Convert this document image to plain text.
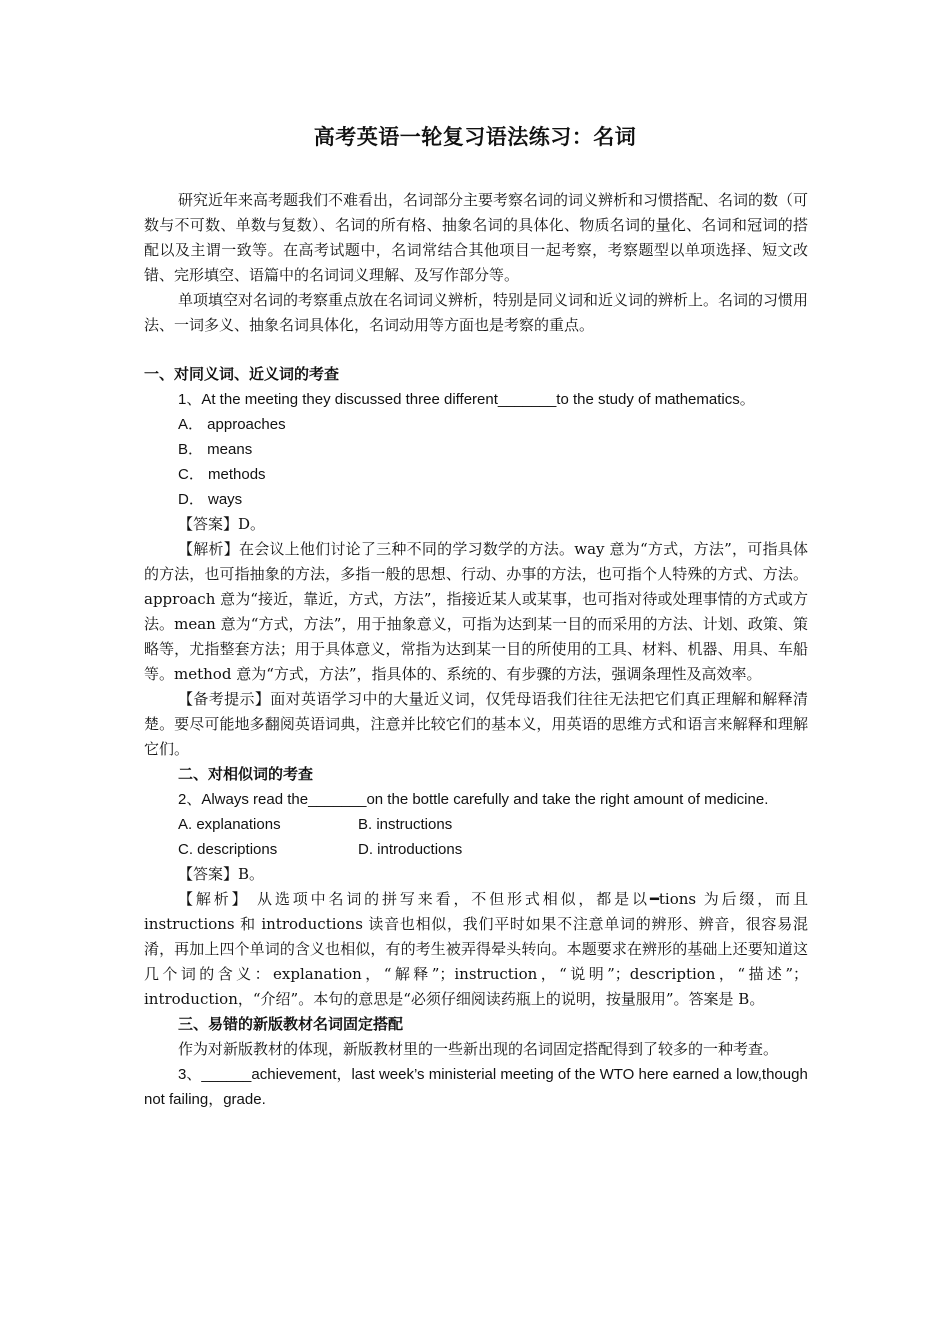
高考英语一轮复习语法练习：名词

研究近年来高考题我们不难看出，名词部分主要考察名词的词义辨析和习惯搭配、名词的数（可数与不可数、单数与复数）、名词的所有格、抽象名词的具体化、物质名词的量化、名词和冠词的搭配以及主谓一致等。在高考试题中，名词常结合其他项目一起考察，考察题型以单项选择、短文改错、完形填空、语篇中的名词词义理解、及写作部分等。

单项填空对名词的考察重点放在名词词义辨析，特别是同义词和近义词的辨析上。名词的习惯用法、一词多义、抽象名词具体化，名词动用等方面也是考察的重点。

一、对同义词、近义词的考查

1、At the meeting they discussed three different_______to the study of mathematics。

A． approaches

B． means

C． methods

D． ways

【答案】D。

【解析】在会议上他们讨论了三种不同的学习数学的方法。way 意为“方式，方法”，可指具体的方法，也可指抽象的方法，多指一般的思想、行动、办事的方法，也可指个人特殊的方式、方法。approach 意为“接近，靠近，方式，方法”，指接近某人或某事，也可指对待或处理事情的方式或方法。mean 意为“方式，方法”，用于抽象意义，可指为达到某一目的而采用的方法、计划、政策、策略等，尤指整套方法；用于具体意义，常指为达到某一目的所使用的工具、材料、机器、用具、车船等。method 意为“方式，方法”，指具体的、系统的、有步骤的方法，强调条理性及高效率。

【备考提示】面对英语学习中的大量近义词，仅凭母语我们往往无法把它们真正理解和解释清楚。要尽可能地多翻阅英语词典，注意并比较它们的基本义，用英语的思维方式和语言来解释和理解它们。

二、对相似词的考查

2、Always read the_______on the bottle carefully and take the right amount of medicine.

A. explanations	B. instructions
C. descriptions	D. introductions

【答案】B。

【解析】 从选项中名词的拼写来看，不但形式相似，都是以━tions 为后缀，而且 instructions 和 introductions 读音也相似，我们平时如果不注意单词的辨形、辨音，很容易混淆，再加上四个单词的含义也相似，有的考生被弄得晕头转向。本题要求在辨形的基础上还要知道这几个词的含义：explanation，“解释”；instruction，“说明”；description，“描述”；introduction，“介绍”。本句的意思是“必须仔细阅读药瓶上的说明，按量服用”。答案是 B。

三、易错的新版教材名词固定搭配

作为对新版教材的体现，新版教材里的一些新出现的名词固定搭配得到了较多的一种考查。

3、______achievement，last week’s ministerial meeting of the WTO here earned a low,though not failing，grade.
